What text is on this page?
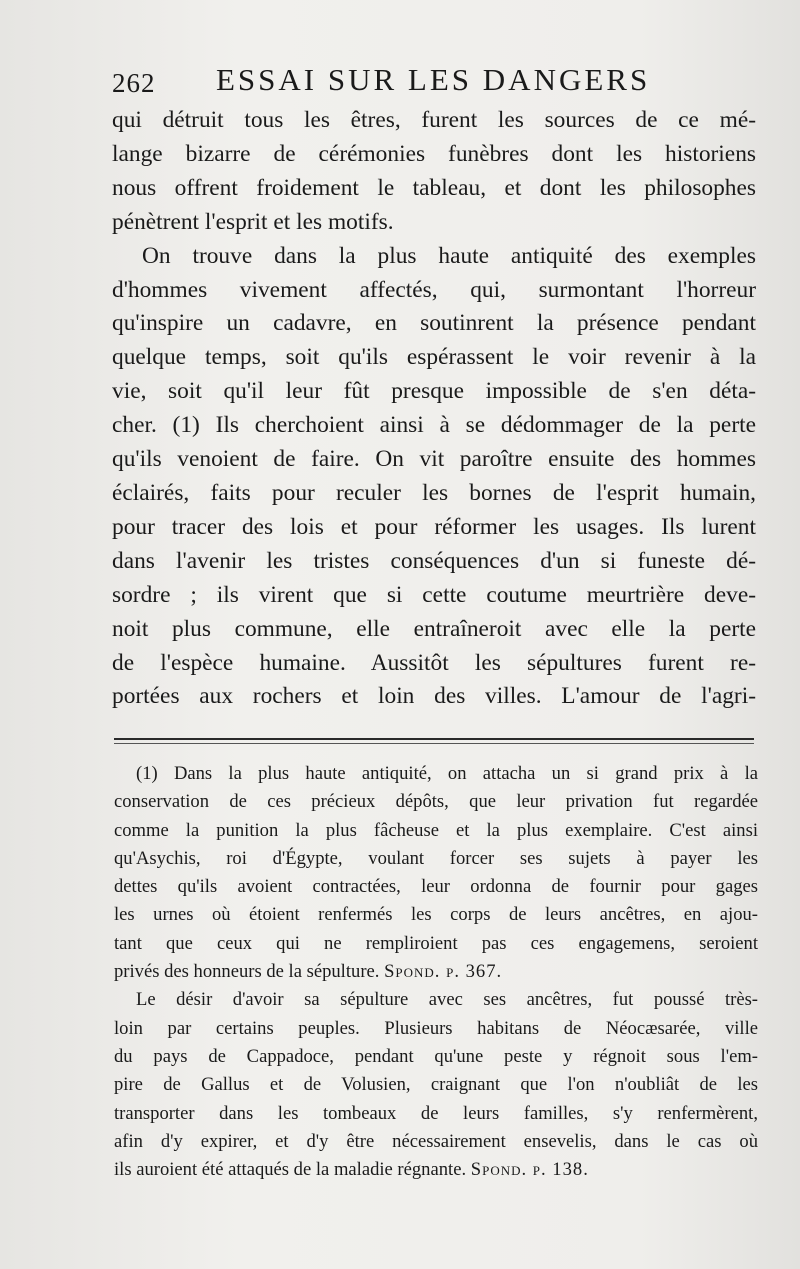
262 ESSAI SUR LES DANGERS
qui détruit tous les êtres, furent les sources de ce mé-
lange bizarre de cérémonies funèbres dont les historiens
nous offrent froidement le tableau, et dont les philosophes
pénètrent l'esprit et les motifs.
On trouve dans la plus haute antiquité des exemples
d'hommes vivement affectés, qui, surmontant l'horreur
qu'inspire un cadavre, en soutinrent la présence pendant
quelque temps, soit qu'ils espérassent le voir revenir à la
vie, soit qu'il leur fût presque impossible de s'en déta-
cher. (1) Ils cherchoient ainsi à se dédommager de la perte
qu'ils venoient de faire. On vit paroître ensuite des hommes
éclairés, faits pour reculer les bornes de l'esprit humain,
pour tracer des lois et pour réformer les usages. Ils lurent
dans l'avenir les tristes conséquences d'un si funeste dé-
sordre ; ils virent que si cette coutume meurtrière deve-
noit plus commune, elle entraîneroit avec elle la perte
de l'espèce humaine. Aussitôt les sépultures furent re-
portées aux rochers et loin des villes. L'amour de l'agri-
(1) Dans la plus haute antiquité, on attacha un si grand prix à la
conservation de ces précieux dépôts, que leur privation fut regardée
comme la punition la plus fâcheuse et la plus exemplaire. C'est ainsi
qu'Asychis, roi d'Égypte, voulant forcer ses sujets à payer les
dettes qu'ils avoient contractées, leur ordonna de fournir pour gages
les urnes où étoient renfermés les corps de leurs ancêtres, en ajou-
tant que ceux qui ne rempliroient pas ces engagemens, seroient
privés des honneurs de la sépulture. Spond. p. 367.
Le désir d'avoir sa sépulture avec ses ancêtres, fut poussé très-
loin par certains peuples. Plusieurs habitans de Néocæsarée, ville
du pays de Cappadoce, pendant qu'une peste y régnoit sous l'em-
pire de Gallus et de Volusien, craignant que l'on n'oubliât de les
transporter dans les tombeaux de leurs familles, s'y renfermèrent,
afin d'y expirer, et d'y être nécessairement ensevelis, dans le cas où
ils auroient été attaqués de la maladie régnante. Spond. p. 138.
